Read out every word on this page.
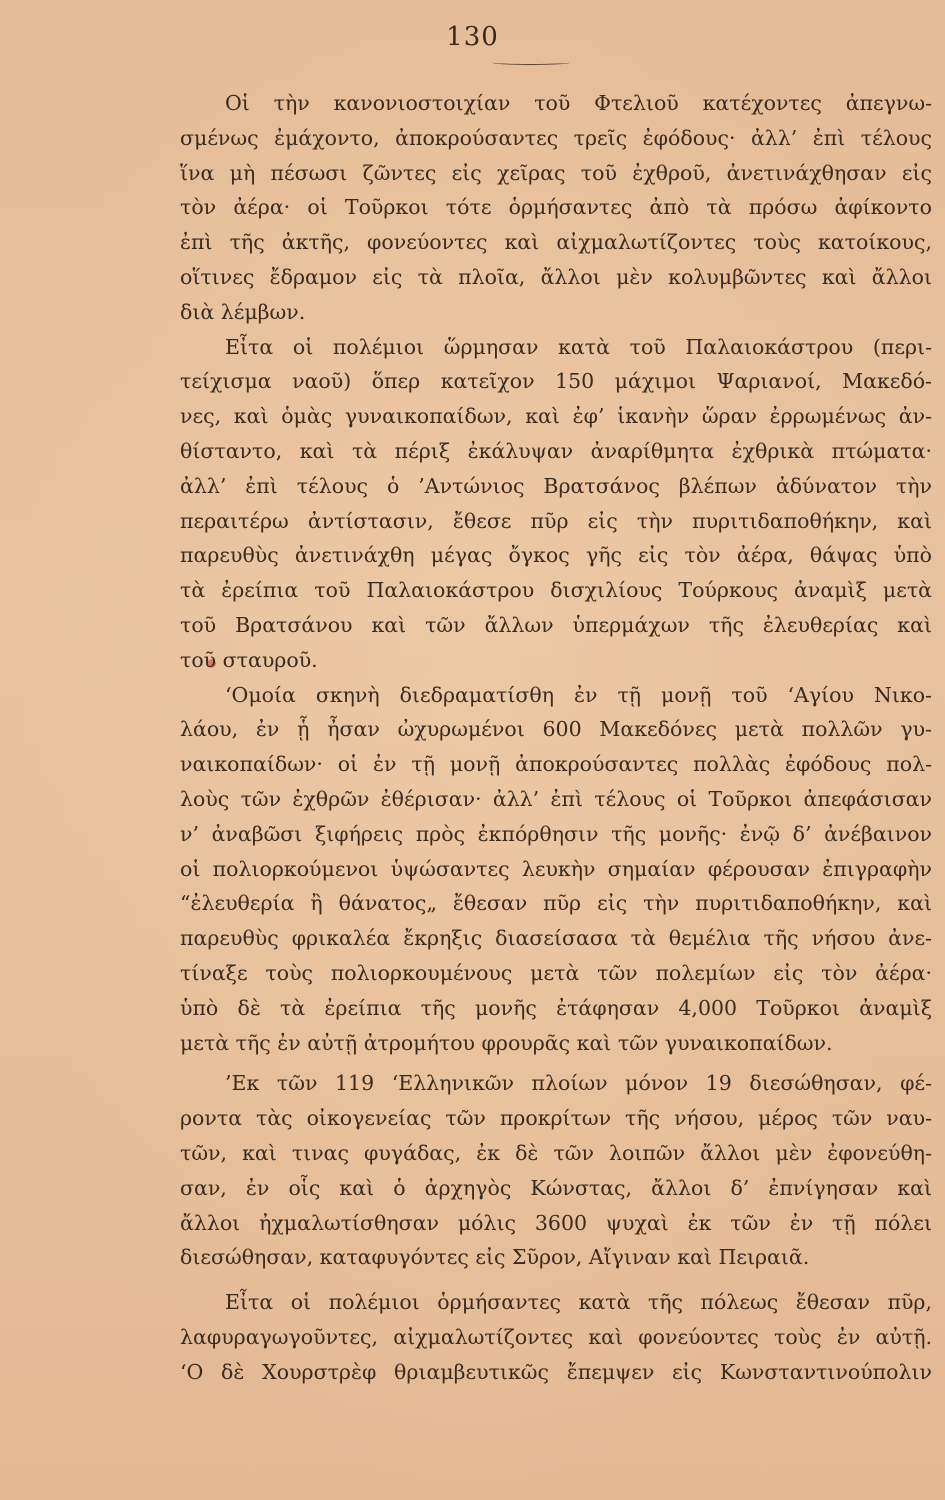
130
Οἱ τὴν κανονιοστοιχίαν τοῦ Φτελιοῦ κατέχοντες ἀπεγνω-
σμένως ἐμάχοντο, ἀποκρούσαντες τρεῖς ἐφόδους· ἀλλ’ ἐπὶ τέλους
ἵνα μὴ πέσωσι ζῶντες εἰς χεῖρας τοῦ ἐχθροῦ, ἀνετινάχθησαν εἰς
τὸν ἀέρα· οἱ Τοῦρκοι τότε ὁρμήσαντες ἀπὸ τὰ πρόσω ἀφίκοντο
ἐπὶ τῆς ἀκτῆς, φονεύοντες καὶ αἰχμαλωτίζοντες τοὺς κατοίκους,
οἵτινες ἔδραμον εἰς τὰ πλοῖα, ἄλλοι μὲν κολυμβῶντες καὶ ἄλλοι
διὰ λέμβων.
Εἶτα οἱ πολέμιοι ὥρμησαν κατὰ τοῦ Παλαιοκάστρου (περι-
τείχισμα ναοῦ) ὅπερ κατεῖχον 150 μάχιμοι Ψαριανοί, Μακεδό-
νες, καὶ ὁμὰς γυναικοπαίδων, καὶ ἐφ’ ἱκανὴν ὥραν ἐρρωμένως ἀν-
θίσταντο, καὶ τὰ πέριξ ἐκάλυψαν ἀναρίθμητα ἐχθρικὰ πτώματα·
ἀλλ’ ἐπὶ τέλους ὁ ’Αντώνιος Βρατσάνος βλέπων ἀδύνατον τὴν
περαιτέρω ἀντίστασιν, ἔθεσε πῦρ εἰς τὴν πυριτιδαποθήκην, καὶ
παρευθὺς ἀνετινάχθη μέγας ὄγκος γῆς εἰς τὸν ἀέρα, θάψας ὑπὸ
τὰ ἐρείπια τοῦ Παλαιοκάστρου δισχιλίους Τούρκους ἀναμὶξ μετὰ
τοῦ Βρατσάνου καὶ τῶν ἄλλων ὑπερμάχων τῆς ἐλευθερίας καὶ
τοῦ σταυροῦ.
‘Ομοία σκηνὴ διεδραματίσθη ἐν τῇ μονῇ τοῦ ‘Αγίου Νικο-
λάου, ἐν ᾗ ἦσαν ὠχυρωμένοι 600 Μακεδόνες μετὰ πολλῶν γυ-
ναικοπαίδων· οἱ ἐν τῇ μονῇ ἀποκρούσαντες πολλὰς ἐφόδους πολ-
λοὺς τῶν ἐχθρῶν ἐθέρισαν· ἀλλ’ ἐπὶ τέλους οἱ Τοῦρκοι ἀπεφάσισαν
ν’ ἀναβῶσι ξιφήρεις πρὸς ἐκπόρθησιν τῆς μονῆς· ἐνῷ δ’ ἀνέβαινον
οἱ πολιορκούμενοι ὑψώσαντες λευκὴν σημαίαν φέρουσαν ἐπιγραφὴν
“ἐλευθερία ἢ θάνατος„ ἔθεσαν πῦρ εἰς τὴν πυριτιδαποθήκην, καὶ
παρευθὺς φρικαλέα ἔκρηξις διασείσασα τὰ θεμέλια τῆς νήσου ἀνε-
τίναξε τοὺς πολιορκουμένους μετὰ τῶν πολεμίων εἰς τὸν ἀέρα·
ὑπὸ δὲ τὰ ἐρείπια τῆς μονῆς ἐτάφησαν 4,000 Τοῦρκοι ἀναμὶξ
μετὰ τῆς ἐν αὐτῇ ἀτρομήτου φρουρᾶς καὶ τῶν γυναικοπαίδων.
’Εκ τῶν 119 ‘Ελληνικῶν πλοίων μόνον 19 διεσώθησαν, φέ-
ροντα τὰς οἰκογενείας τῶν προκρίτων τῆς νήσου, μέρος τῶν ναυ-
τῶν, καὶ τινας φυγάδας, ἐκ δὲ τῶν λοιπῶν ἄλλοι μὲν ἐφονεύθη-
σαν, ἐν οἷς καὶ ὁ ἀρχηγὸς Κώνστας, ἄλλοι δ’ ἐπνίγησαν καὶ
ἄλλοι ἠχμαλωτίσθησαν μόλις 3600 ψυχαὶ ἐκ τῶν ἐν τῇ πόλει
διεσώθησαν, καταφυγόντες εἰς Σῦρον, Αἴγιναν καὶ Πειραιᾶ.
Εἶτα οἱ πολέμιοι ὁρμήσαντες κατὰ τῆς πόλεως ἔθεσαν πῦρ,
λαφυραγωγοῦντες, αἰχμαλωτίζοντες καὶ φονεύοντες τοὺς ἐν αὐτῇ.
‘Ο δὲ Χουρστρὲφ θριαμβευτικῶς ἔπεμψεν εἰς Κωνσταντινούπολιν
